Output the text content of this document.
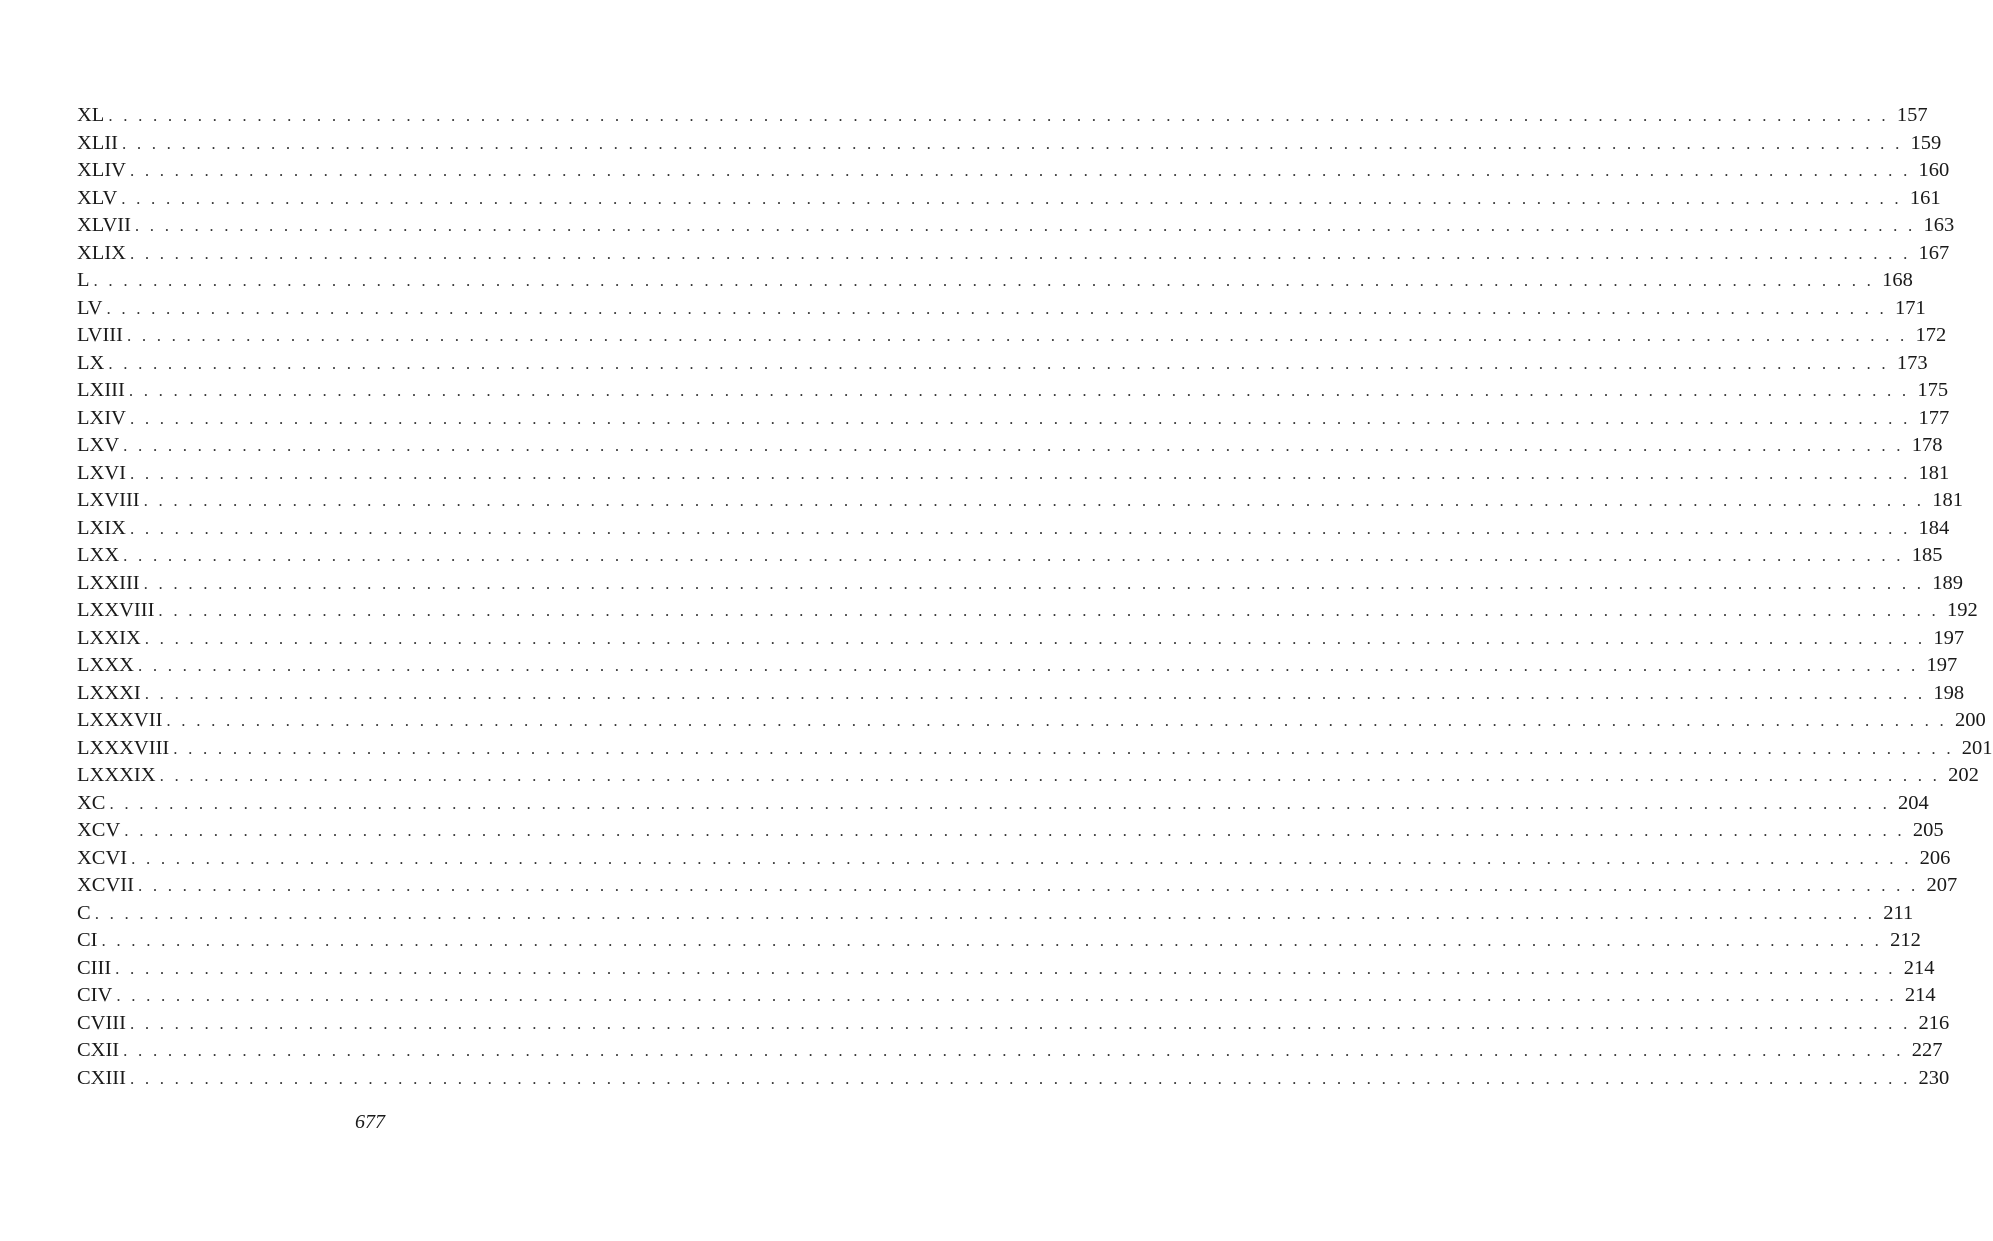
XL . . . . . . . . . . . . . . . . . . . . . . . . . . . . . . . . . . . . . . . . . . . . . . . . . . . . . . . . . . . . . . . . . . . . . . . . . . . . . . . . . . . . . . . . . . . . . . . . . . . . . . . . . . . . . . . . . . . . . . . . 157
XLII . . . . . . . . . . . . . . . . . . . . . . . . . . . . . . . . . . . . . . . . . . . . . . . . . . . . . . . . . . . . . . . . . . . . . . . . . . . . . . . . . . . . . . . . . . . . . . . . . . . . . . . . . . . . . . . . . . . . . . . . 159
XLIV . . . . . . . . . . . . . . . . . . . . . . . . . . . . . . . . . . . . . . . . . . . . . . . . . . . . . . . . . . . . . . . . . . . . . . . . . . . . . . . . . . . . . . . . . . . . . . . . . . . . . . . . . . . . . . . . . . . . . . . . 160
XLV . . . . . . . . . . . . . . . . . . . . . . . . . . . . . . . . . . . . . . . . . . . . . . . . . . . . . . . . . . . . . . . . . . . . . . . . . . . . . . . . . . . . . . . . . . . . . . . . . . . . . . . . . . . . . . . . . . . . . . . . 161
XLVII . . . . . . . . . . . . . . . . . . . . . . . . . . . . . . . . . . . . . . . . . . . . . . . . . . . . . . . . . . . . . . . . . . . . . . . . . . . . . . . . . . . . . . . . . . . . . . . . . . . . . . . . . . . . . . . . . . . . . . . . 163
XLIX . . . . . . . . . . . . . . . . . . . . . . . . . . . . . . . . . . . . . . . . . . . . . . . . . . . . . . . . . . . . . . . . . . . . . . . . . . . . . . . . . . . . . . . . . . . . . . . . . . . . . . . . . . . . . . . . . . . . . . . . 167
L . . . . . . . . . . . . . . . . . . . . . . . . . . . . . . . . . . . . . . . . . . . . . . . . . . . . . . . . . . . . . . . . . . . . . . . . . . . . . . . . . . . . . . . . . . . . . . . . . . . . . . . . . . . . . . . . . . . . . . . . 168
LV . . . . . . . . . . . . . . . . . . . . . . . . . . . . . . . . . . . . . . . . . . . . . . . . . . . . . . . . . . . . . . . . . . . . . . . . . . . . . . . . . . . . . . . . . . . . . . . . . . . . . . . . . . . . . . . . . . . . . . . . 171
LVIII . . . . . . . . . . . . . . . . . . . . . . . . . . . . . . . . . . . . . . . . . . . . . . . . . . . . . . . . . . . . . . . . . . . . . . . . . . . . . . . . . . . . . . . . . . . . . . . . . . . . . . . . . . . . . . . . . . . . . . . . 172
LX . . . . . . . . . . . . . . . . . . . . . . . . . . . . . . . . . . . . . . . . . . . . . . . . . . . . . . . . . . . . . . . . . . . . . . . . . . . . . . . . . . . . . . . . . . . . . . . . . . . . . . . . . . . . . . . . . . . . . . . . 173
LXIII . . . . . . . . . . . . . . . . . . . . . . . . . . . . . . . . . . . . . . . . . . . . . . . . . . . . . . . . . . . . . . . . . . . . . . . . . . . . . . . . . . . . . . . . . . . . . . . . . . . . . . . . . . . . . . . . . . . . . . . . 175
LXIV . . . . . . . . . . . . . . . . . . . . . . . . . . . . . . . . . . . . . . . . . . . . . . . . . . . . . . . . . . . . . . . . . . . . . . . . . . . . . . . . . . . . . . . . . . . . . . . . . . . . . . . . . . . . . . . . . . . . . . . . 177
LXV . . . . . . . . . . . . . . . . . . . . . . . . . . . . . . . . . . . . . . . . . . . . . . . . . . . . . . . . . . . . . . . . . . . . . . . . . . . . . . . . . . . . . . . . . . . . . . . . . . . . . . . . . . . . . . . . . . . . . . . . 178
LXVI . . . . . . . . . . . . . . . . . . . . . . . . . . . . . . . . . . . . . . . . . . . . . . . . . . . . . . . . . . . . . . . . . . . . . . . . . . . . . . . . . . . . . . . . . . . . . . . . . . . . . . . . . . . . . . . . . . . . . . . . 181
LXVIII . . . . . . . . . . . . . . . . . . . . . . . . . . . . . . . . . . . . . . . . . . . . . . . . . . . . . . . . . . . . . . . . . . . . . . . . . . . . . . . . . . . . . . . . . . . . . . . . . . . . . . . . . . . . . . . . . . . . . . . . 181
LXIX . . . . . . . . . . . . . . . . . . . . . . . . . . . . . . . . . . . . . . . . . . . . . . . . . . . . . . . . . . . . . . . . . . . . . . . . . . . . . . . . . . . . . . . . . . . . . . . . . . . . . . . . . . . . . . . . . . . . . . . . 184
LXX . . . . . . . . . . . . . . . . . . . . . . . . . . . . . . . . . . . . . . . . . . . . . . . . . . . . . . . . . . . . . . . . . . . . . . . . . . . . . . . . . . . . . . . . . . . . . . . . . . . . . . . . . . . . . . . . . . . . . . . . 185
LXXIII . . . . . . . . . . . . . . . . . . . . . . . . . . . . . . . . . . . . . . . . . . . . . . . . . . . . . . . . . . . . . . . . . . . . . . . . . . . . . . . . . . . . . . . . . . . . . . . . . . . . . . . . . . . . . . . . . . . . . . . . 189
LXXVIII . . . . . . . . . . . . . . . . . . . . . . . . . . . . . . . . . . . . . . . . . . . . . . . . . . . . . . . . . . . . . . . . . . . . . . . . . . . . . . . . . . . . . . . . . . . . . . . . . . . . . . . . . . . . . . . . . . . . . . . . 192
LXXIX . . . . . . . . . . . . . . . . . . . . . . . . . . . . . . . . . . . . . . . . . . . . . . . . . . . . . . . . . . . . . . . . . . . . . . . . . . . . . . . . . . . . . . . . . . . . . . . . . . . . . . . . . . . . . . . . . . . . . . . . 197
LXXX . . . . . . . . . . . . . . . . . . . . . . . . . . . . . . . . . . . . . . . . . . . . . . . . . . . . . . . . . . . . . . . . . . . . . . . . . . . . . . . . . . . . . . . . . . . . . . . . . . . . . . . . . . . . . . . . . . . . . . . . 197
LXXXI . . . . . . . . . . . . . . . . . . . . . . . . . . . . . . . . . . . . . . . . . . . . . . . . . . . . . . . . . . . . . . . . . . . . . . . . . . . . . . . . . . . . . . . . . . . . . . . . . . . . . . . . . . . . . . . . . . . . . . . . 198
LXXXVII . . . . . . . . . . . . . . . . . . . . . . . . . . . . . . . . . . . . . . . . . . . . . . . . . . . . . . . . . . . . . . . . . . . . . . . . . . . . . . . . . . . . . . . . . . . . . . . . . . . . . . . . . . . . . . . . . . . . . . . . 200
LXXXVIII . . . . . . . . . . . . . . . . . . . . . . . . . . . . . . . . . . . . . . . . . . . . . . . . . . . . . . . . . . . . . . . . . . . . . . . . . . . . . . . . . . . . . . . . . . . . . . . . . . . . . . . . . . . . . . . . . . . . . . . . 201
LXXXIX . . . . . . . . . . . . . . . . . . . . . . . . . . . . . . . . . . . . . . . . . . . . . . . . . . . . . . . . . . . . . . . . . . . . . . . . . . . . . . . . . . . . . . . . . . . . . . . . . . . . . . . . . . . . . . . . . . . . . . . . 202
XC . . . . . . . . . . . . . . . . . . . . . . . . . . . . . . . . . . . . . . . . . . . . . . . . . . . . . . . . . . . . . . . . . . . . . . . . . . . . . . . . . . . . . . . . . . . . . . . . . . . . . . . . . . . . . . . . . . . . . . . . 204
XCV . . . . . . . . . . . . . . . . . . . . . . . . . . . . . . . . . . . . . . . . . . . . . . . . . . . . . . . . . . . . . . . . . . . . . . . . . . . . . . . . . . . . . . . . . . . . . . . . . . . . . . . . . . . . . . . . . . . . . . . . 205
XCVI . . . . . . . . . . . . . . . . . . . . . . . . . . . . . . . . . . . . . . . . . . . . . . . . . . . . . . . . . . . . . . . . . . . . . . . . . . . . . . . . . . . . . . . . . . . . . . . . . . . . . . . . . . . . . . . . . . . . . . . . 206
XCVII . . . . . . . . . . . . . . . . . . . . . . . . . . . . . . . . . . . . . . . . . . . . . . . . . . . . . . . . . . . . . . . . . . . . . . . . . . . . . . . . . . . . . . . . . . . . . . . . . . . . . . . . . . . . . . . . . . . . . . . . 207
C . . . . . . . . . . . . . . . . . . . . . . . . . . . . . . . . . . . . . . . . . . . . . . . . . . . . . . . . . . . . . . . . . . . . . . . . . . . . . . . . . . . . . . . . . . . . . . . . . . . . . . . . . . . . . . . . . . . . . . . . 211
CI . . . . . . . . . . . . . . . . . . . . . . . . . . . . . . . . . . . . . . . . . . . . . . . . . . . . . . . . . . . . . . . . . . . . . . . . . . . . . . . . . . . . . . . . . . . . . . . . . . . . . . . . . . . . . . . . . . . . . . . . 212
CIII . . . . . . . . . . . . . . . . . . . . . . . . . . . . . . . . . . . . . . . . . . . . . . . . . . . . . . . . . . . . . . . . . . . . . . . . . . . . . . . . . . . . . . . . . . . . . . . . . . . . . . . . . . . . . . . . . . . . . . . . 214
CIV . . . . . . . . . . . . . . . . . . . . . . . . . . . . . . . . . . . . . . . . . . . . . . . . . . . . . . . . . . . . . . . . . . . . . . . . . . . . . . . . . . . . . . . . . . . . . . . . . . . . . . . . . . . . . . . . . . . . . . . . 214
CVIII . . . . . . . . . . . . . . . . . . . . . . . . . . . . . . . . . . . . . . . . . . . . . . . . . . . . . . . . . . . . . . . . . . . . . . . . . . . . . . . . . . . . . . . . . . . . . . . . . . . . . . . . . . . . . . . . . . . . . . . . 216
CXII . . . . . . . . . . . . . . . . . . . . . . . . . . . . . . . . . . . . . . . . . . . . . . . . . . . . . . . . . . . . . . . . . . . . . . . . . . . . . . . . . . . . . . . . . . . . . . . . . . . . . . . . . . . . . . . . . . . . . . . . 227
CXIII . . . . . . . . . . . . . . . . . . . . . . . . . . . . . . . . . . . . . . . . . . . . . . . . . . . . . . . . . . . . . . . . . . . . . . . . . . . . . . . . . . . . . . . . . . . . . . . . . . . . . . . . . . . . . . . . . . . . . . . . 230
677
